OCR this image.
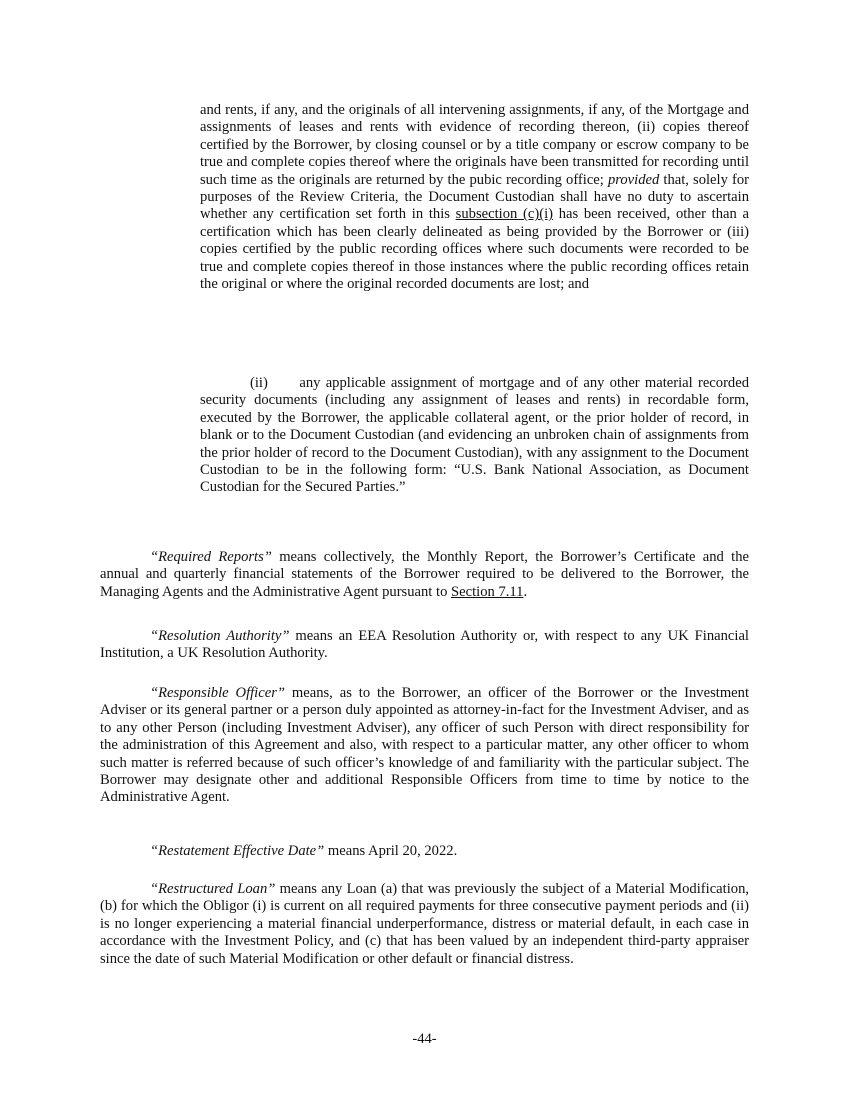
and rents, if any, and the originals of all intervening assignments, if any, of the Mortgage and assignments of leases and rents with evidence of recording thereon, (ii) copies thereof certified by the Borrower, by closing counsel or by a title company or escrow company to be true and complete copies thereof where the originals have been transmitted for recording until such time as the originals are returned by the pubic recording office; provided that, solely for purposes of the Review Criteria, the Document Custodian shall have no duty to ascertain whether any certification set forth in this subsection (c)(i) has been received, other than a certification which has been clearly delineated as being provided by the Borrower or (iii) copies certified by the public recording offices where such documents were recorded to be true and complete copies thereof in those instances where the public recording offices retain the original or where the original recorded documents are lost; and

(ii) any applicable assignment of mortgage and of any other material recorded security documents (including any assignment of leases and rents) in recordable form, executed by the Borrower, the applicable collateral agent, or the prior holder of record, in blank or to the Document Custodian (and evidencing an unbroken chain of assignments from the prior holder of record to the Document Custodian), with any assignment to the Document Custodian to be in the following form: “U.S. Bank National Association, as Document Custodian for the Secured Parties.”

“Required Reports” means collectively, the Monthly Report, the Borrower’s Certificate and the annual and quarterly financial statements of the Borrower required to be delivered to the Borrower, the Managing Agents and the Administrative Agent pursuant to Section 7.11.

“Resolution Authority” means an EEA Resolution Authority or, with respect to any UK Financial Institution, a UK Resolution Authority.

“Responsible Officer” means, as to the Borrower, an officer of the Borrower or the Investment Adviser or its general partner or a person duly appointed as attorney-in-fact for the Investment Adviser, and as to any other Person (including Investment Adviser), any officer of such Person with direct responsibility for the administration of this Agreement and also, with respect to a particular matter, any other officer to whom such matter is referred because of such officer’s knowledge of and familiarity with the particular subject. The Borrower may designate other and additional Responsible Officers from time to time by notice to the Administrative Agent.

“Restatement Effective Date” means April 20, 2022.

“Restructured Loan” means any Loan (a) that was previously the subject of a Material Modification, (b) for which the Obligor (i) is current on all required payments for three consecutive payment periods and (ii) is no longer experiencing a material financial underperformance, distress or material default, in each case in accordance with the Investment Policy, and (c) that has been valued by an independent third-party appraiser since the date of such Material Modification or other default or financial distress.

-44-
